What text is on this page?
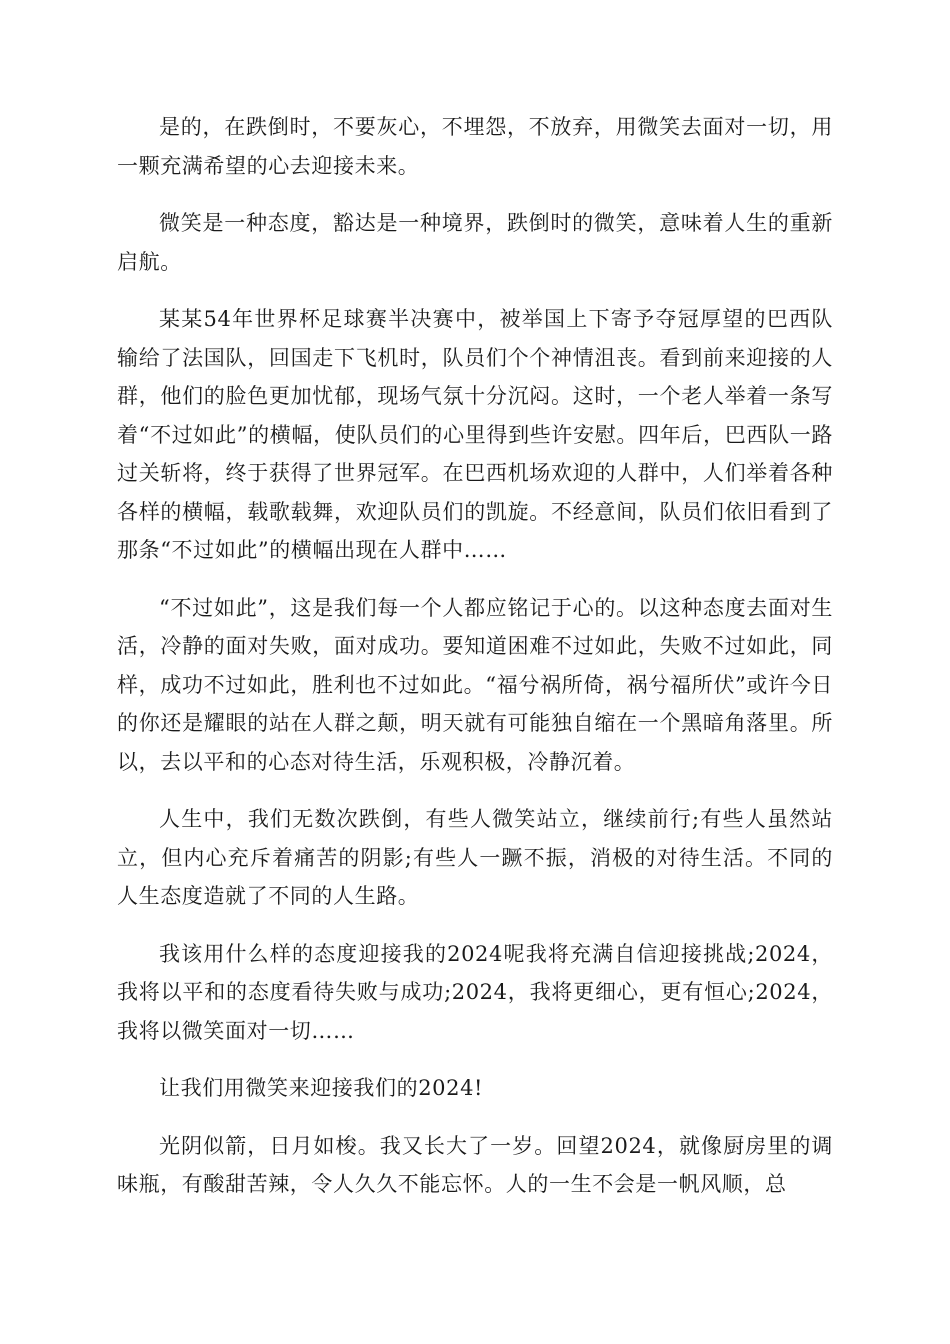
是的，在跌倒时，不要灰心，不埋怨，不放弃，用微笑去面对一切，用一颗充满希望的心去迎接未来。

微笑是一种态度，豁达是一种境界，跌倒时的微笑，意味着人生的重新启航。

某某54年世界杯足球赛半决赛中，被举国上下寄予夺冠厚望的巴西队输给了法国队，回国走下飞机时，队员们个个神情沮丧。看到前来迎接的人群，他们的脸色更加忧郁，现场气氛十分沉闷。这时，一个老人举着一条写着“不过如此”的横幅，使队员们的心里得到些许安慰。四年后，巴西队一路过关斩将，终于获得了世界冠军。在巴西机场欢迎的人群中，人们举着各种各样的横幅，载歌载舞，欢迎队员们的凯旋。不经意间，队员们依旧看到了那条“不过如此”的横幅出现在人群中……

“不过如此”，这是我们每一个人都应铭记于心的。以这种态度去面对生活，冷静的面对失败，面对成功。要知道困难不过如此，失败不过如此，同样，成功不过如此，胜利也不过如此。“福兮祸所倚，祸兮福所伏”或许今日的你还是耀眼的站在人群之颠，明天就有可能独自缩在一个黑暗角落里。所以，去以平和的心态对待生活，乐观积极，冷静沉着。

人生中，我们无数次跌倒，有些人微笑站立，继续前行;有些人虽然站立，但内心充斥着痛苦的阴影;有些人一蹶不振，消极的对待生活。不同的人生态度造就了不同的人生路。

我该用什么样的态度迎接我的2024呢我将充满自信迎接挑战;2024，我将以平和的态度看待失败与成功;2024，我将更细心，更有恒心;2024，我将以微笑面对一切……

让我们用微笑来迎接我们的2024!

光阴似箭，日月如梭。我又长大了一岁。回望2024，就像厨房里的调味瓶，有酸甜苦辣，令人久久不能忘怀。人的一生不会是一帆风顺，总
